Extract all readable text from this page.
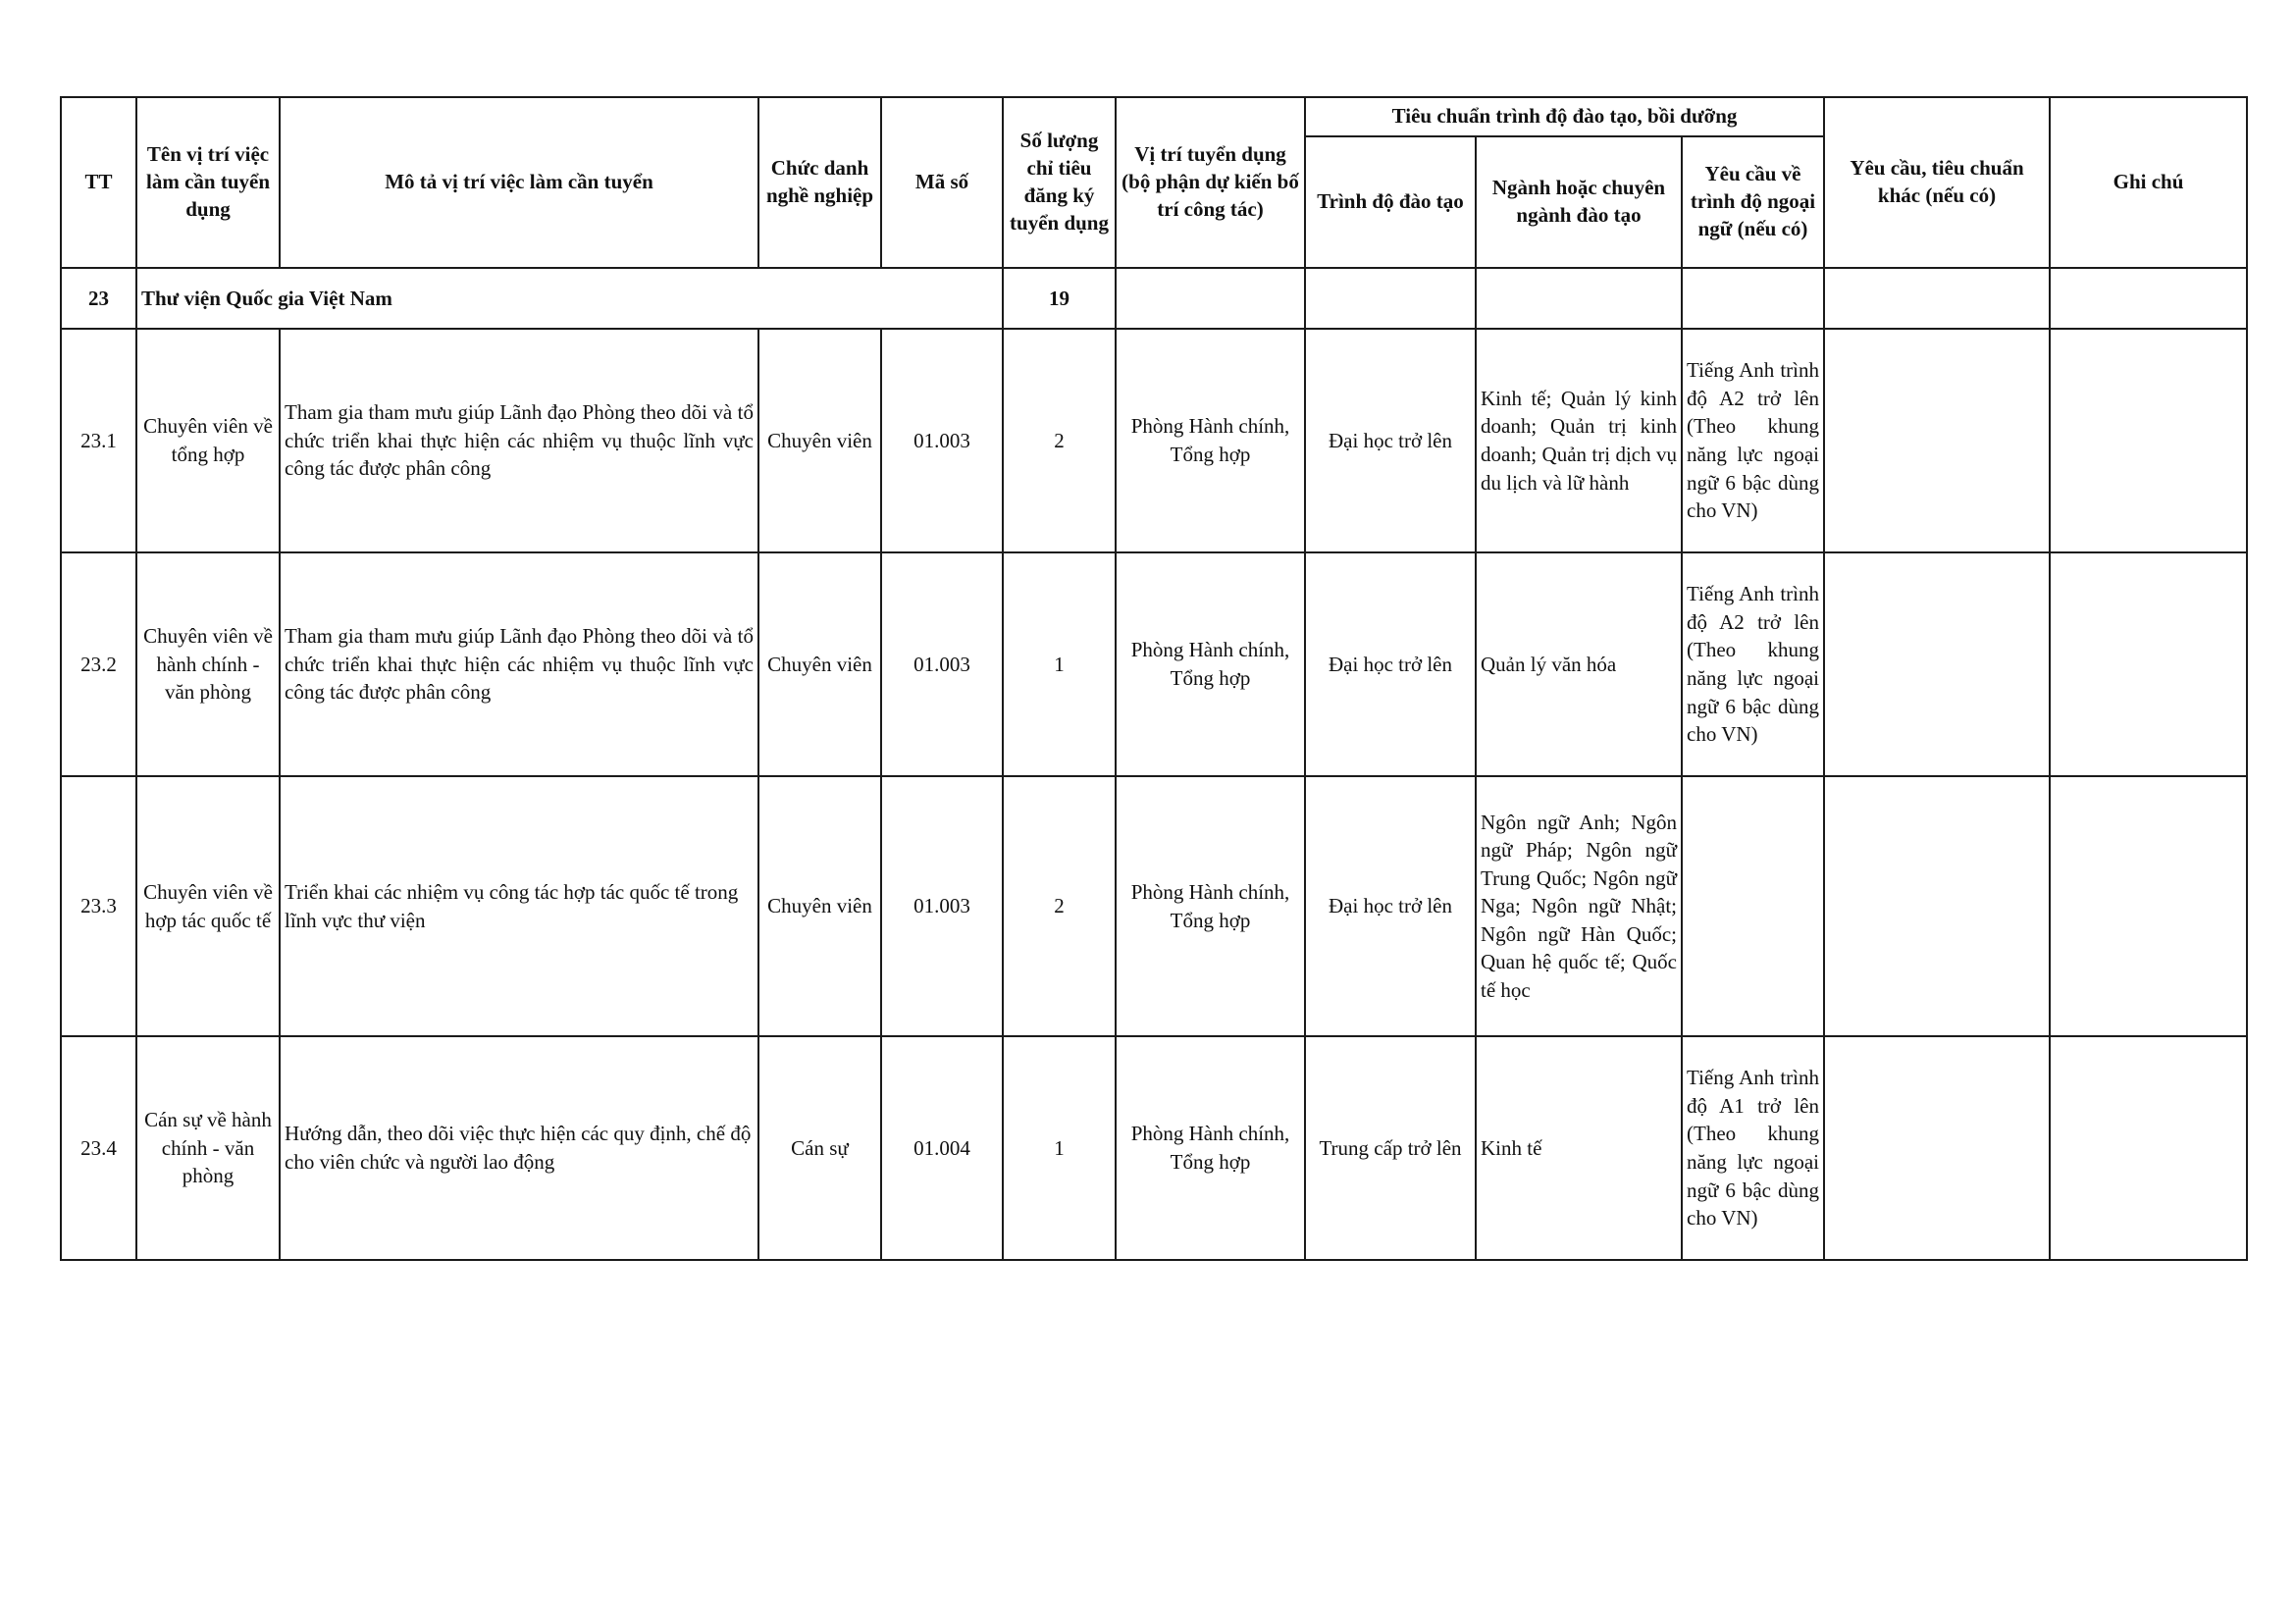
TT	Tên vị trí việc làm cần tuyển dụng	Mô tả vị trí việc làm cần tuyển	Chức danh nghề nghiệp	Mã số	Số lượng chỉ tiêu đăng ký tuyển dụng	Vị trí tuyển dụng (bộ phận dự kiến bố trí công tác)	Tiêu chuẩn trình độ đào tạo, bồi dưỡng			Yêu cầu, tiêu chuẩn khác (nếu có)	Ghi chú
							Trình độ đào tạo	Ngành hoặc chuyên ngành đào tạo	Yêu cầu về trình độ ngoại ngữ (nếu có)		
23	Thư viện Quốc gia Việt Nam				19						
23.1	Chuyên viên về tổng hợp	Tham gia tham mưu giúp Lãnh đạo Phòng theo dõi và tổ chức triển khai thực hiện các nhiệm vụ thuộc lĩnh vực công tác được phân công	Chuyên viên	01.003	2	Phòng Hành chính, Tổng hợp	Đại học trở lên	Kinh tế; Quản lý kinh doanh; Quản trị kinh doanh; Quản trị dịch vụ du lịch và lữ hành	Tiếng Anh trình độ A2 trở lên (Theo khung năng lực ngoại ngữ 6 bậc dùng cho VN)		
23.2	Chuyên viên về hành chính - văn phòng	Tham gia tham mưu giúp Lãnh đạo Phòng theo dõi và tổ chức triển khai thực hiện các nhiệm vụ thuộc lĩnh vực công tác được phân công	Chuyên viên	01.003	1	Phòng Hành chính, Tổng hợp	Đại học trở lên	Quản lý văn hóa	Tiếng Anh trình độ A2 trở lên (Theo khung năng lực ngoại ngữ 6 bậc dùng cho VN)		
23.3	Chuyên viên về hợp tác quốc tế	Triển khai các nhiệm vụ công tác hợp tác quốc tế trong lĩnh vực thư viện	Chuyên viên	01.003	2	Phòng Hành chính, Tổng hợp	Đại học trở lên	Ngôn ngữ Anh; Ngôn ngữ Pháp; Ngôn ngữ Trung Quốc; Ngôn ngữ Nga; Ngôn ngữ Nhật; Ngôn ngữ Hàn Quốc; Quan hệ quốc tế; Quốc tế học			
23.4	Cán sự về hành chính - văn phòng	Hướng dẫn, theo dõi việc thực hiện các quy định, chế độ cho viên chức và người lao động	Cán sự	01.004	1	Phòng Hành chính, Tổng hợp	Trung cấp trở lên	Kinh tế	Tiếng Anh trình độ A1 trở lên (Theo khung năng lực ngoại ngữ 6 bậc dùng cho VN)		
